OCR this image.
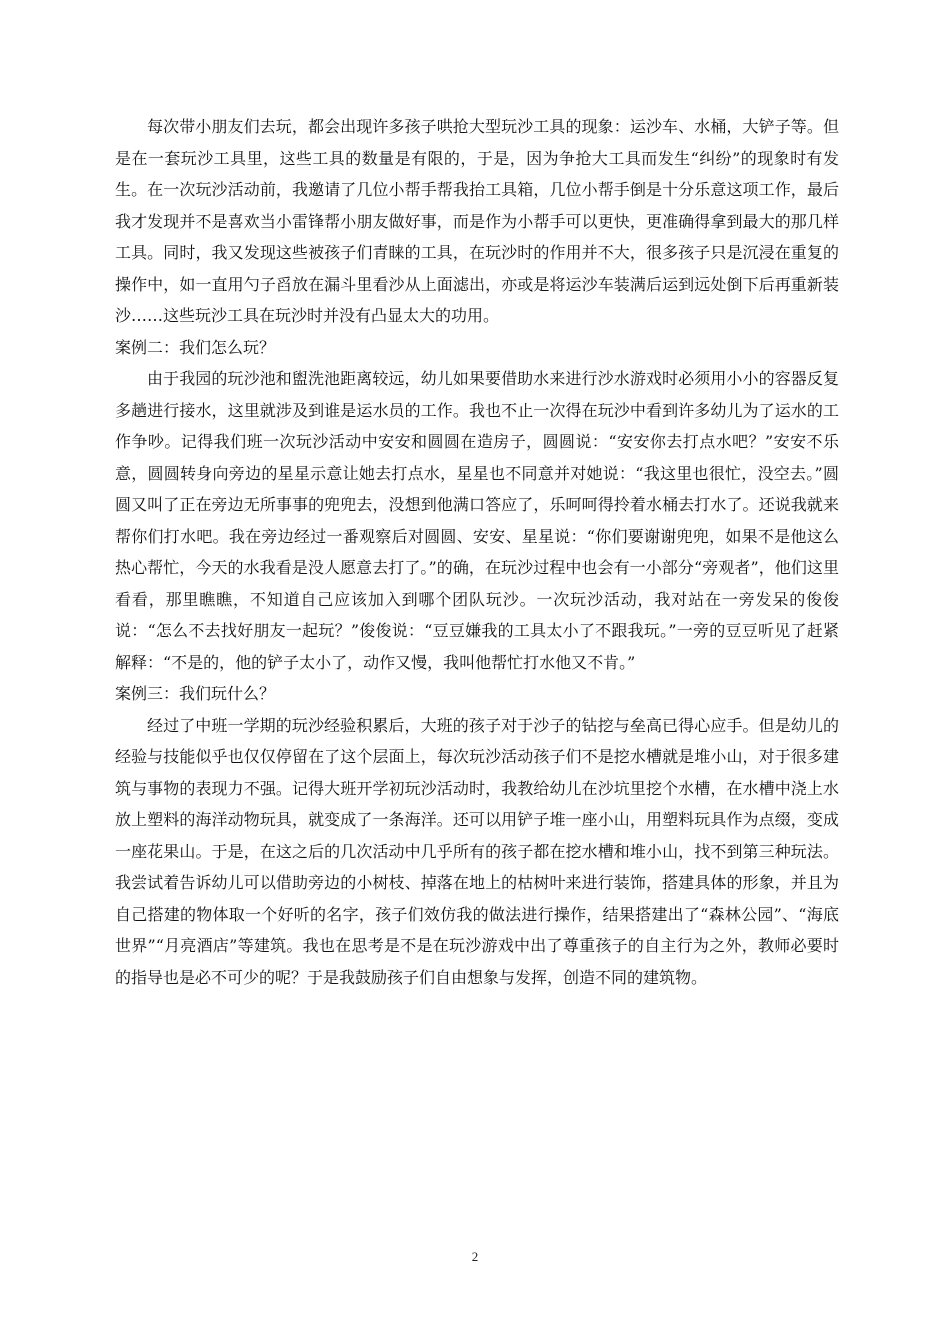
每次带小朋友们去玩，都会出现许多孩子哄抢大型玩沙工具的现象：运沙车、水桶，大铲子等。但是在一套玩沙工具里，这些工具的数量是有限的，于是，因为争抢大工具而发生“纠纷”的现象时有发生。在一次玩沙活动前，我邀请了几位小帮手帮我抬工具箱，几位小帮手倒是十分乐意这项工作，最后我才发现并不是喜欢当小雷锋帮小朋友做好事，而是作为小帮手可以更快，更准确得拿到最大的那几样工具。同时，我又发现这些被孩子们青睐的工具，在玩沙时的作用并不大，很多孩子只是沉浸在重复的操作中，如一直用勺子舀放在漏斗里看沙从上面滤出，亦或是将运沙车装满后运到远处倒下后再重新装沙……这些玩沙工具在玩沙时并没有凸显太大的功用。

案例二：我们怎么玩？

由于我园的玩沙池和盥洗池距离较远，幼儿如果要借助水来进行沙水游戏时必须用小小的容器反复多趟进行接水，这里就涉及到谁是运水员的工作。我也不止一次得在玩沙中看到许多幼儿为了运水的工作争吵。记得我们班一次玩沙活动中安安和圆圆在造房子，圆圆说：“安安你去打点水吧？”安安不乐意，圆圆转身向旁边的星星示意让她去打点水，星星也不同意并对她说：“我这里也很忙，没空去。”圆圆又叫了正在旁边无所事事的兜兜去，没想到他满口答应了，乐呵呵得拎着水桶去打水了。还说我就来帮你们打水吧。我在旁边经过一番观察后对圆圆、安安、星星说：“你们要谢谢兜兜，如果不是他这么热心帮忙，今天的水我看是没人愿意去打了。”的确，在玩沙过程中也会有一小部分“旁观者”，他们这里看看，那里瞧瞧，不知道自己应该加入到哪个团队玩沙。一次玩沙活动，我对站在一旁发呆的俊俊说：“怎么不去找好朋友一起玩？”俊俊说：“豆豆嫌我的工具太小了不跟我玩。”一旁的豆豆听见了赶紧解释：“不是的，他的铲子太小了，动作又慢，我叫他帮忙打水他又不肯。”

案例三：我们玩什么？

经过了中班一学期的玩沙经验积累后，大班的孩子对于沙子的钻挖与垒高已得心应手。但是幼儿的经验与技能似乎也仅仅停留在了这个层面上，每次玩沙活动孩子们不是挖水槽就是堆小山，对于很多建筑与事物的表现力不强。记得大班开学初玩沙活动时，我教给幼儿在沙坑里挖个水槽，在水槽中浇上水放上塑料的海洋动物玩具，就变成了一条海洋。还可以用铲子堆一座小山，用塑料玩具作为点缀，变成一座花果山。于是，在这之后的几次活动中几乎所有的孩子都在挖水槽和堆小山，找不到第三种玩法。我尝试着告诉幼儿可以借助旁边的小树枝、掉落在地上的枯树叶来进行装饰，搭建具体的形象，并且为自己搭建的物体取一个好听的名字，孩子们效仿我的做法进行操作，结果搭建出了“森林公园”、“海底世界”“月亮酒店”等建筑。我也在思考是不是在玩沙游戏中出了尊重孩子的自主行为之外，教师必要时的指导也是必不可少的呢？于是我鼓励孩子们自由想象与发挥，创造不同的建筑物。

2
